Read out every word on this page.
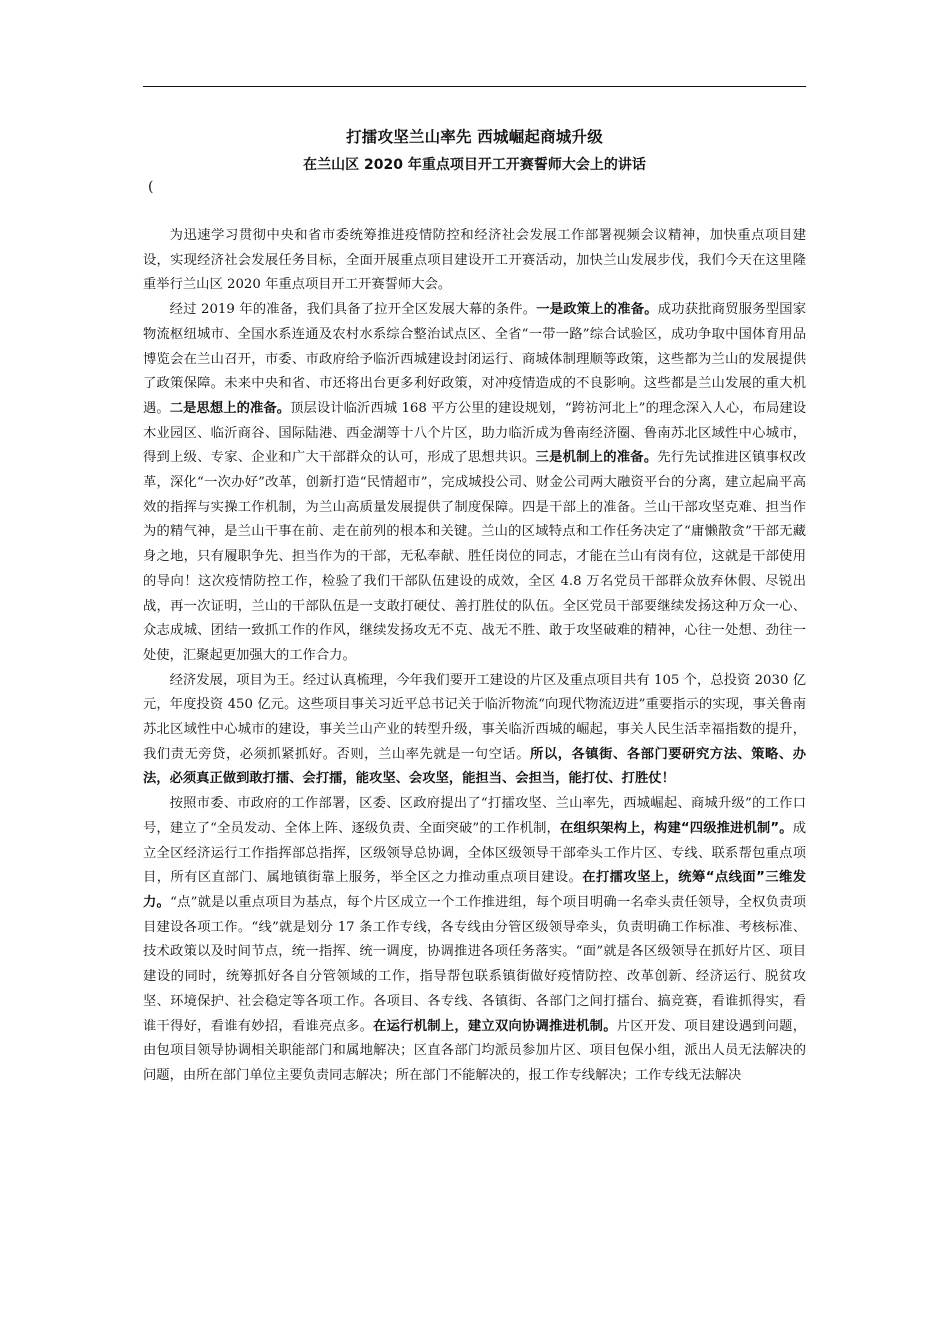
打擂攻坚兰山率先 西城崛起商城升级
在兰山区 2020 年重点项目开工开赛誓师大会上的讲话
(

为迅速学习贯彻中央和省市委统筹推进疫情防控和经济社会发展工作部署视频会议精神，加快重点项目建设，实现经济社会发展任务目标，全面开展重点项目建设开工开赛活动，加快兰山发展步伐，我们今天在这里隆重举行兰山区 2020 年重点项目开工开赛誓师大会。

经过 2019 年的准备，我们具备了拉开全区发展大幕的条件。一是政策上的准备。成功获批商贸服务型国家物流枢纽城市、全国水系连通及农村水系综合整治试点区、全省“一带一路”综合试验区，成功争取中国体育用品博览会在兰山召开，市委、市政府给予临沂西城建设封闭运行、商城体制理顺等政策，这些都为兰山的发展提供了政策保障。未来中央和省、市还将出台更多利好政策，对冲疫情造成的不良影响。这些都是兰山发展的重大机遇。二是思想上的准备。顶层设计临沂西城 168 平方公里的建设规划，“跨祊河北上”的理念深入人心，布局建设木业园区、临沂商谷、国际陆港、西金湖等十八个片区，助力临沂成为鲁南经济圈、鲁南苏北区域性中心城市，得到上级、专家、企业和广大干部群众的认可，形成了思想共识。三是机制上的准备。先行先试推进区镇事权改革，深化“一次办好”改革，创新打造“民情超市”，完成城投公司、财金公司两大融资平台的分离，建立起扁平高效的指挥与实操工作机制，为兰山高质量发展提供了制度保障。四是干部上的准备。兰山干部攻坚克难、担当作为的精气神，是兰山干事在前、走在前列的根本和关键。兰山的区域特点和工作任务决定了“庸懒散贪”干部无藏身之地，只有履职争先、担当作为的干部，无私奉献、胜任岗位的同志，才能在兰山有岗有位，这就是干部使用的导向！这次疫情防控工作，检验了我们干部队伍建设的成效，全区 4.8 万名党员干部群众放弃休假、尽锐出战，再一次证明，兰山的干部队伍是一支敢打硬仗、善打胜仗的队伍。全区党员干部要继续发扬这种万众一心、众志成城、团结一致抓工作的作风，继续发扬攻无不克、战无不胜、敢于攻坚破难的精神，心往一处想、劲往一处使，汇聚起更加强大的工作合力。

经济发展，项目为王。经过认真梳理，今年我们要开工建设的片区及重点项目共有 105 个，总投资 2030 亿元，年度投资 450 亿元。这些项目事关习近平总书记关于临沂物流“向现代物流迈进”重要指示的实现，事关鲁南苏北区域性中心城市的建设，事关兰山产业的转型升级，事关临沂西城的崛起，事关人民生活幸福指数的提升，我们责无旁贷，必须抓紧抓好。否则，兰山率先就是一句空话。所以，各镇街、各部门要研究方法、策略、办法，必须真正做到敢打擂、会打擂，能攻坚、会攻坚，能担当、会担当，能打仗、打胜仗！

按照市委、市政府的工作部署，区委、区政府提出了“打擂攻坚、兰山率先，西城崛起、商城升级”的工作口号，建立了“全员发动、全体上阵、逐级负责、全面突破”的工作机制，在组织架构上，构建“四级推进机制”。成立全区经济运行工作指挥部总指挥，区级领导总协调，全体区级领导干部牵头工作片区、专线、联系帮包重点项目，所有区直部门、属地镇街靠上服务，举全区之力推动重点项目建设。在打擂攻坚上，统筹“点线面”三维发力。“点”就是以重点项目为基点，每个片区成立一个工作推进组，每个项目明确一名牵头责任领导，全权负责项目建设各项工作。“线”就是划分 17 条工作专线，各专线由分管区级领导牵头，负责明确工作标准、考核标准、技术政策以及时间节点，统一指挥、统一调度，协调推进各项任务落实。“面”就是各区级领导在抓好片区、项目建设的同时，统筹抓好各自分管领域的工作，指导帮包联系镇街做好疫情防控、改革创新、经济运行、脱贫攻坚、环境保护、社会稳定等各项工作。各项目、各专线、各镇街、各部门之间打擂台、搞竞赛，看谁抓得实，看谁干得好，看谁有妙招，看谁亮点多。在运行机制上，建立双向协调推进机制。片区开发、项目建设遇到问题，由包项目领导协调相关职能部门和属地解决；区直各部门均派员参加片区、项目包保小组，派出人员无法解决的问题，由所在部门单位主要负责同志解决；所在部门不能解决的，报工作专线解决；工作专线无法解决
